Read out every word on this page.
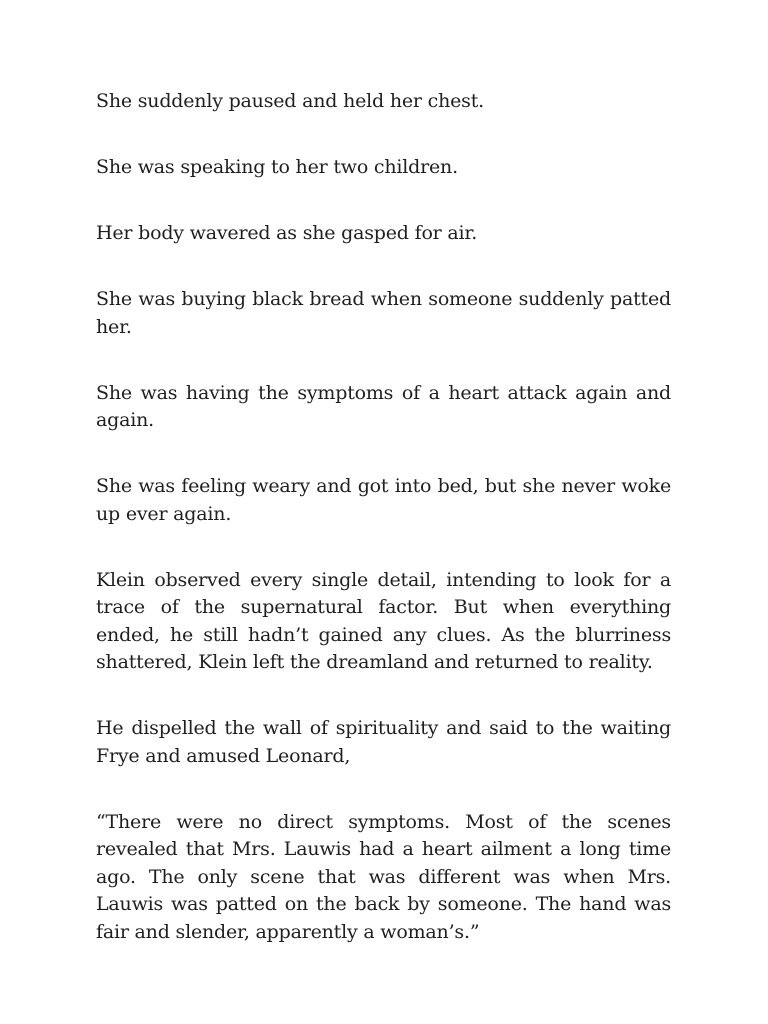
She suddenly paused and held her chest.

She was speaking to her two children.

Her body wavered as she gasped for air.

She was buying black bread when someone suddenly patted her.

She was having the symptoms of a heart attack again and again.

She was feeling weary and got into bed, but she never woke up ever again.

Klein observed every single detail, intending to look for a trace of the supernatural factor. But when everything ended, he still hadn’t gained any clues. As the blurriness shattered, Klein left the dreamland and returned to reality.

He dispelled the wall of spirituality and said to the waiting Frye and amused Leonard,

“There were no direct symptoms. Most of the scenes revealed that Mrs. Lauwis had a heart ailment a long time ago. The only scene that was different was when Mrs. Lauwis was patted on the back by someone. The hand was fair and slender, apparently a woman’s.”
